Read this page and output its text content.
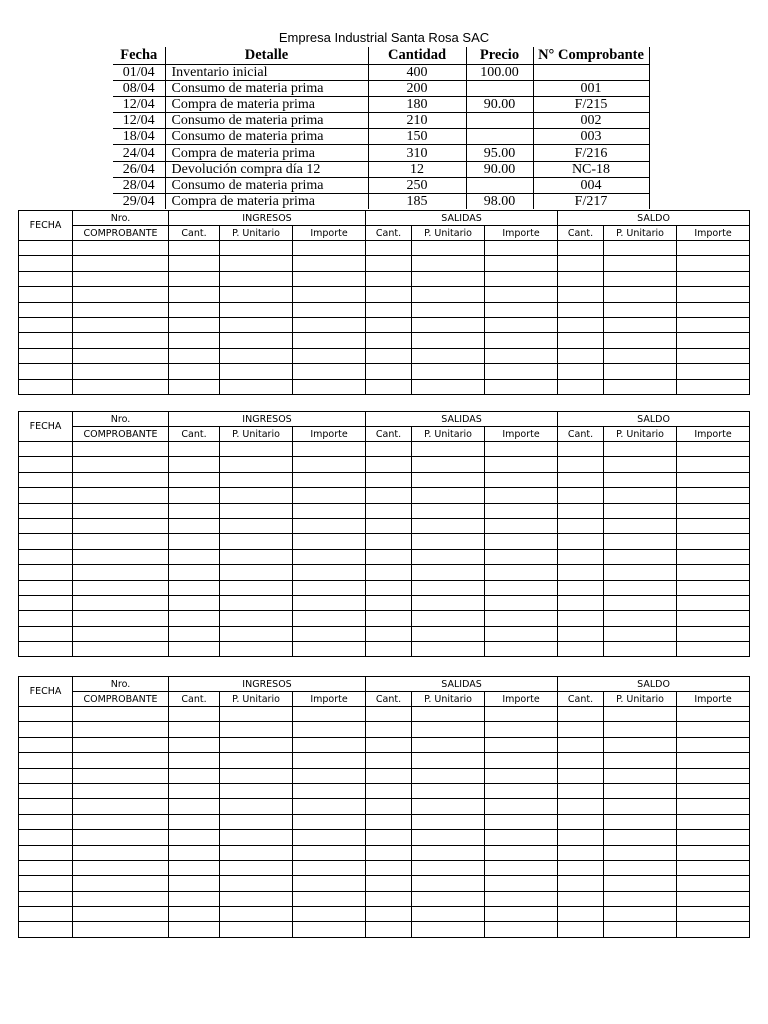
Empresa Industrial Santa Rosa SAC
Fecha	Detalle	Cantidad	Precio	N° Comprobante
01/04	Inventario inicial	400	100.00	
08/04	Consumo de materia prima	200		001
12/04	Compra de materia prima	180	90.00	F/215
12/04	Consumo de materia prima	210		002
18/04	Consumo de materia prima	150		003
24/04	Compra de materia prima	310	95.00	F/216
26/04	Devolución compra día 12	12	90.00	NC-18
28/04	Consumo de materia prima	250		004
29/04	Compra de materia prima	185	98.00	F/217
FECHA	Nro.	INGRESOS			SALIDAS			SALDO		
	COMPROBANTE	Cant.	P. Unitario	Importe	Cant.	P. Unitario	Importe	Cant.	P. Unitario	Importe

FECHA	Nro.	INGRESOS			SALIDAS			SALDO		
	COMPROBANTE	Cant.	P. Unitario	Importe	Cant.	P. Unitario	Importe	Cant.	P. Unitario	Importe

FECHA	Nro.	INGRESOS			SALIDAS			SALDO		
	COMPROBANTE	Cant.	P. Unitario	Importe	Cant.	P. Unitario	Importe	Cant.	P. Unitario	Importe
